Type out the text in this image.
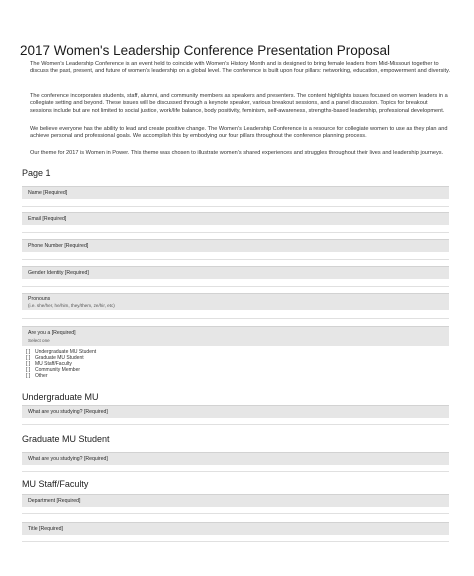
2017 Women's Leadership Conference Presentation Proposal
The Women's Leadership Conference is an event held to coincide with Women's History Month and is designed to bring female leaders from Mid-Missouri together to discuss the past, present, and future of women's leadership on a global level. The conference is built upon four pillars: networking, education, empowerment and diversity.
The conference incorporates students, staff, alumni, and community members as speakers and presenters. The content highlights issues focused on women leaders in a collegiate setting and beyond. These issues will be discussed through a keynote speaker, various breakout sessions, and a panel discussion. Topics for breakout sessions include but are not limited to social justice, work/life balance, body positivity, feminism, self-awareness, strengths-based leadership, professional development.
We believe everyone has the ability to lead and create positive change. The Women's Leadership Conference is a resource for collegiate women to use as they plan and achieve personal and professional goals. We accomplish this by embodying our four pillars throughout the conference planning process.
Our theme for 2017 is Women in Power. This theme was chosen to illustrate women's shared experiences and struggles throughout their lives and leadership journeys.
Page 1
Name [Required]
Email [Required]
Phone Number [Required]
Gender Identity [Required]
Pronouns
(i.e. she/her, he/him, they/them, ze/hir, etc)
Are you a [Required]
Select one
[ ] Undergraduate MU Student
[ ] Graduate MU Student
[ ] MU Staff/Faculty
[ ] Community Member
[ ] Other
Undergraduate MU
What are you studying? [Required]
Graduate MU Student
What are you studying? [Required]
MU Staff/Faculty
Department [Required]
Title [Required]
